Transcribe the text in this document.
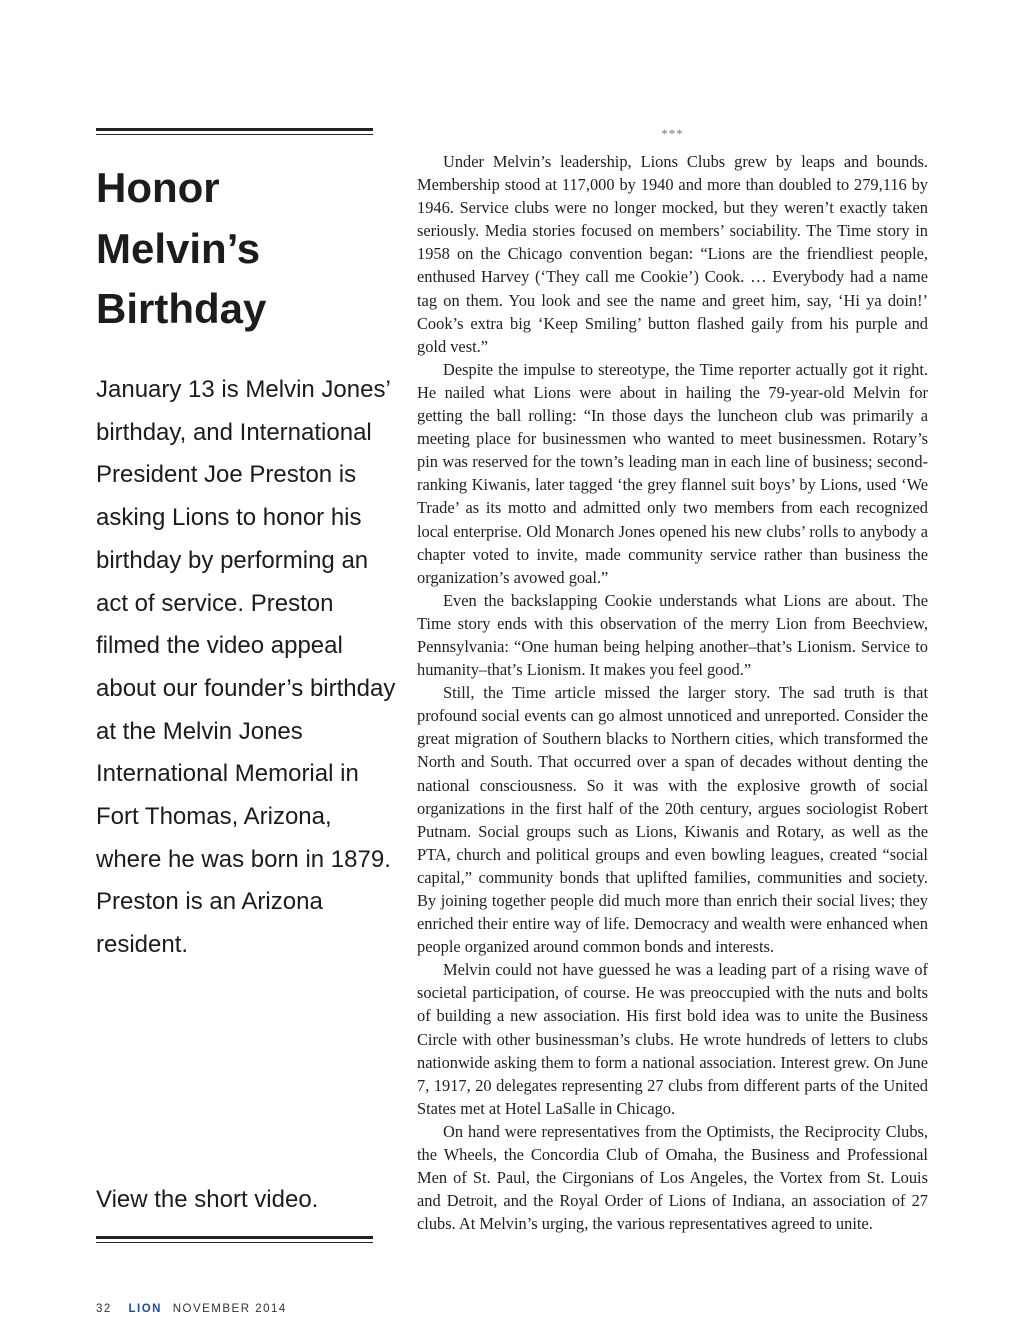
Honor Melvin’s Birthday

January 13 is Melvin Jones’ birthday, and International President Joe Preston is asking Lions to honor his birthday by performing an act of service. Preston filmed the video appeal about our founder’s birthday at the Melvin Jones International Memorial in Fort Thomas, Arizona, where he was born in 1879. Preston is an Arizona resident.

View the short video.

***

Under Melvin’s leadership, Lions Clubs grew by leaps and bounds. Membership stood at 117,000 by 1940 and more than doubled to 279,116 by 1946. Service clubs were no longer mocked, but they weren’t exactly taken seriously. Media stories focused on members’ sociability. The Time story in 1958 on the Chicago convention began: “Lions are the friendliest people, enthused Harvey (‘They call me Cookie’) Cook. … Everybody had a name tag on them. You look and see the name and greet him, say, ‘Hi ya doin!’ Cook’s extra big ‘Keep Smiling’ button flashed gaily from his purple and gold vest.”

Despite the impulse to stereotype, the Time reporter actually got it right. He nailed what Lions were about in hailing the 79-year-old Melvin for getting the ball rolling: “In those days the luncheon club was primarily a meeting place for businessmen who wanted to meet businessmen. Rotary’s pin was reserved for the town’s leading man in each line of business; second-ranking Kiwanis, later tagged ‘the grey flannel suit boys’ by Lions, used ‘We Trade’ as its motto and admitted only two members from each recognized local enterprise. Old Monarch Jones opened his new clubs’ rolls to anybody a chapter voted to invite, made community service rather than business the organization’s avowed goal.”

Even the backslapping Cookie understands what Lions are about. The Time story ends with this observation of the merry Lion from Beechview, Pennsylvania: “One human being helping another–that’s Lionism. Service to humanity–that’s Lionism. It makes you feel good.”

Still, the Time article missed the larger story. The sad truth is that profound social events can go almost unnoticed and unreported. Consider the great migration of Southern blacks to Northern cities, which transformed the North and South. That occurred over a span of decades without denting the national consciousness. So it was with the explosive growth of social organizations in the first half of the 20th century, argues sociologist Robert Putnam. Social groups such as Lions, Kiwanis and Rotary, as well as the PTA, church and political groups and even bowling leagues, created “social capital,” community bonds that uplifted families, communities and society. By joining together people did much more than enrich their social lives; they enriched their entire way of life. Democracy and wealth were enhanced when people organized around common bonds and interests.

Melvin could not have guessed he was a leading part of a rising wave of societal participation, of course. He was preoccupied with the nuts and bolts of building a new association. His first bold idea was to unite the Business Circle with other businessman’s clubs. He wrote hundreds of letters to clubs nationwide asking them to form a national association. Interest grew. On June 7, 1917, 20 delegates representing 27 clubs from different parts of the United States met at Hotel LaSalle in Chicago.

On hand were representatives from the Optimists, the Reciprocity Clubs, the Wheels, the Concordia Club of Omaha, the Business and Professional Men of St. Paul, the Cirgonians of Los Angeles, the Vortex from St. Louis and Detroit, and the Royal Order of Lions of Indiana, an association of 27 clubs. At Melvin’s urging, the various representatives agreed to unite.

32 LION NOVEMBER 2014
